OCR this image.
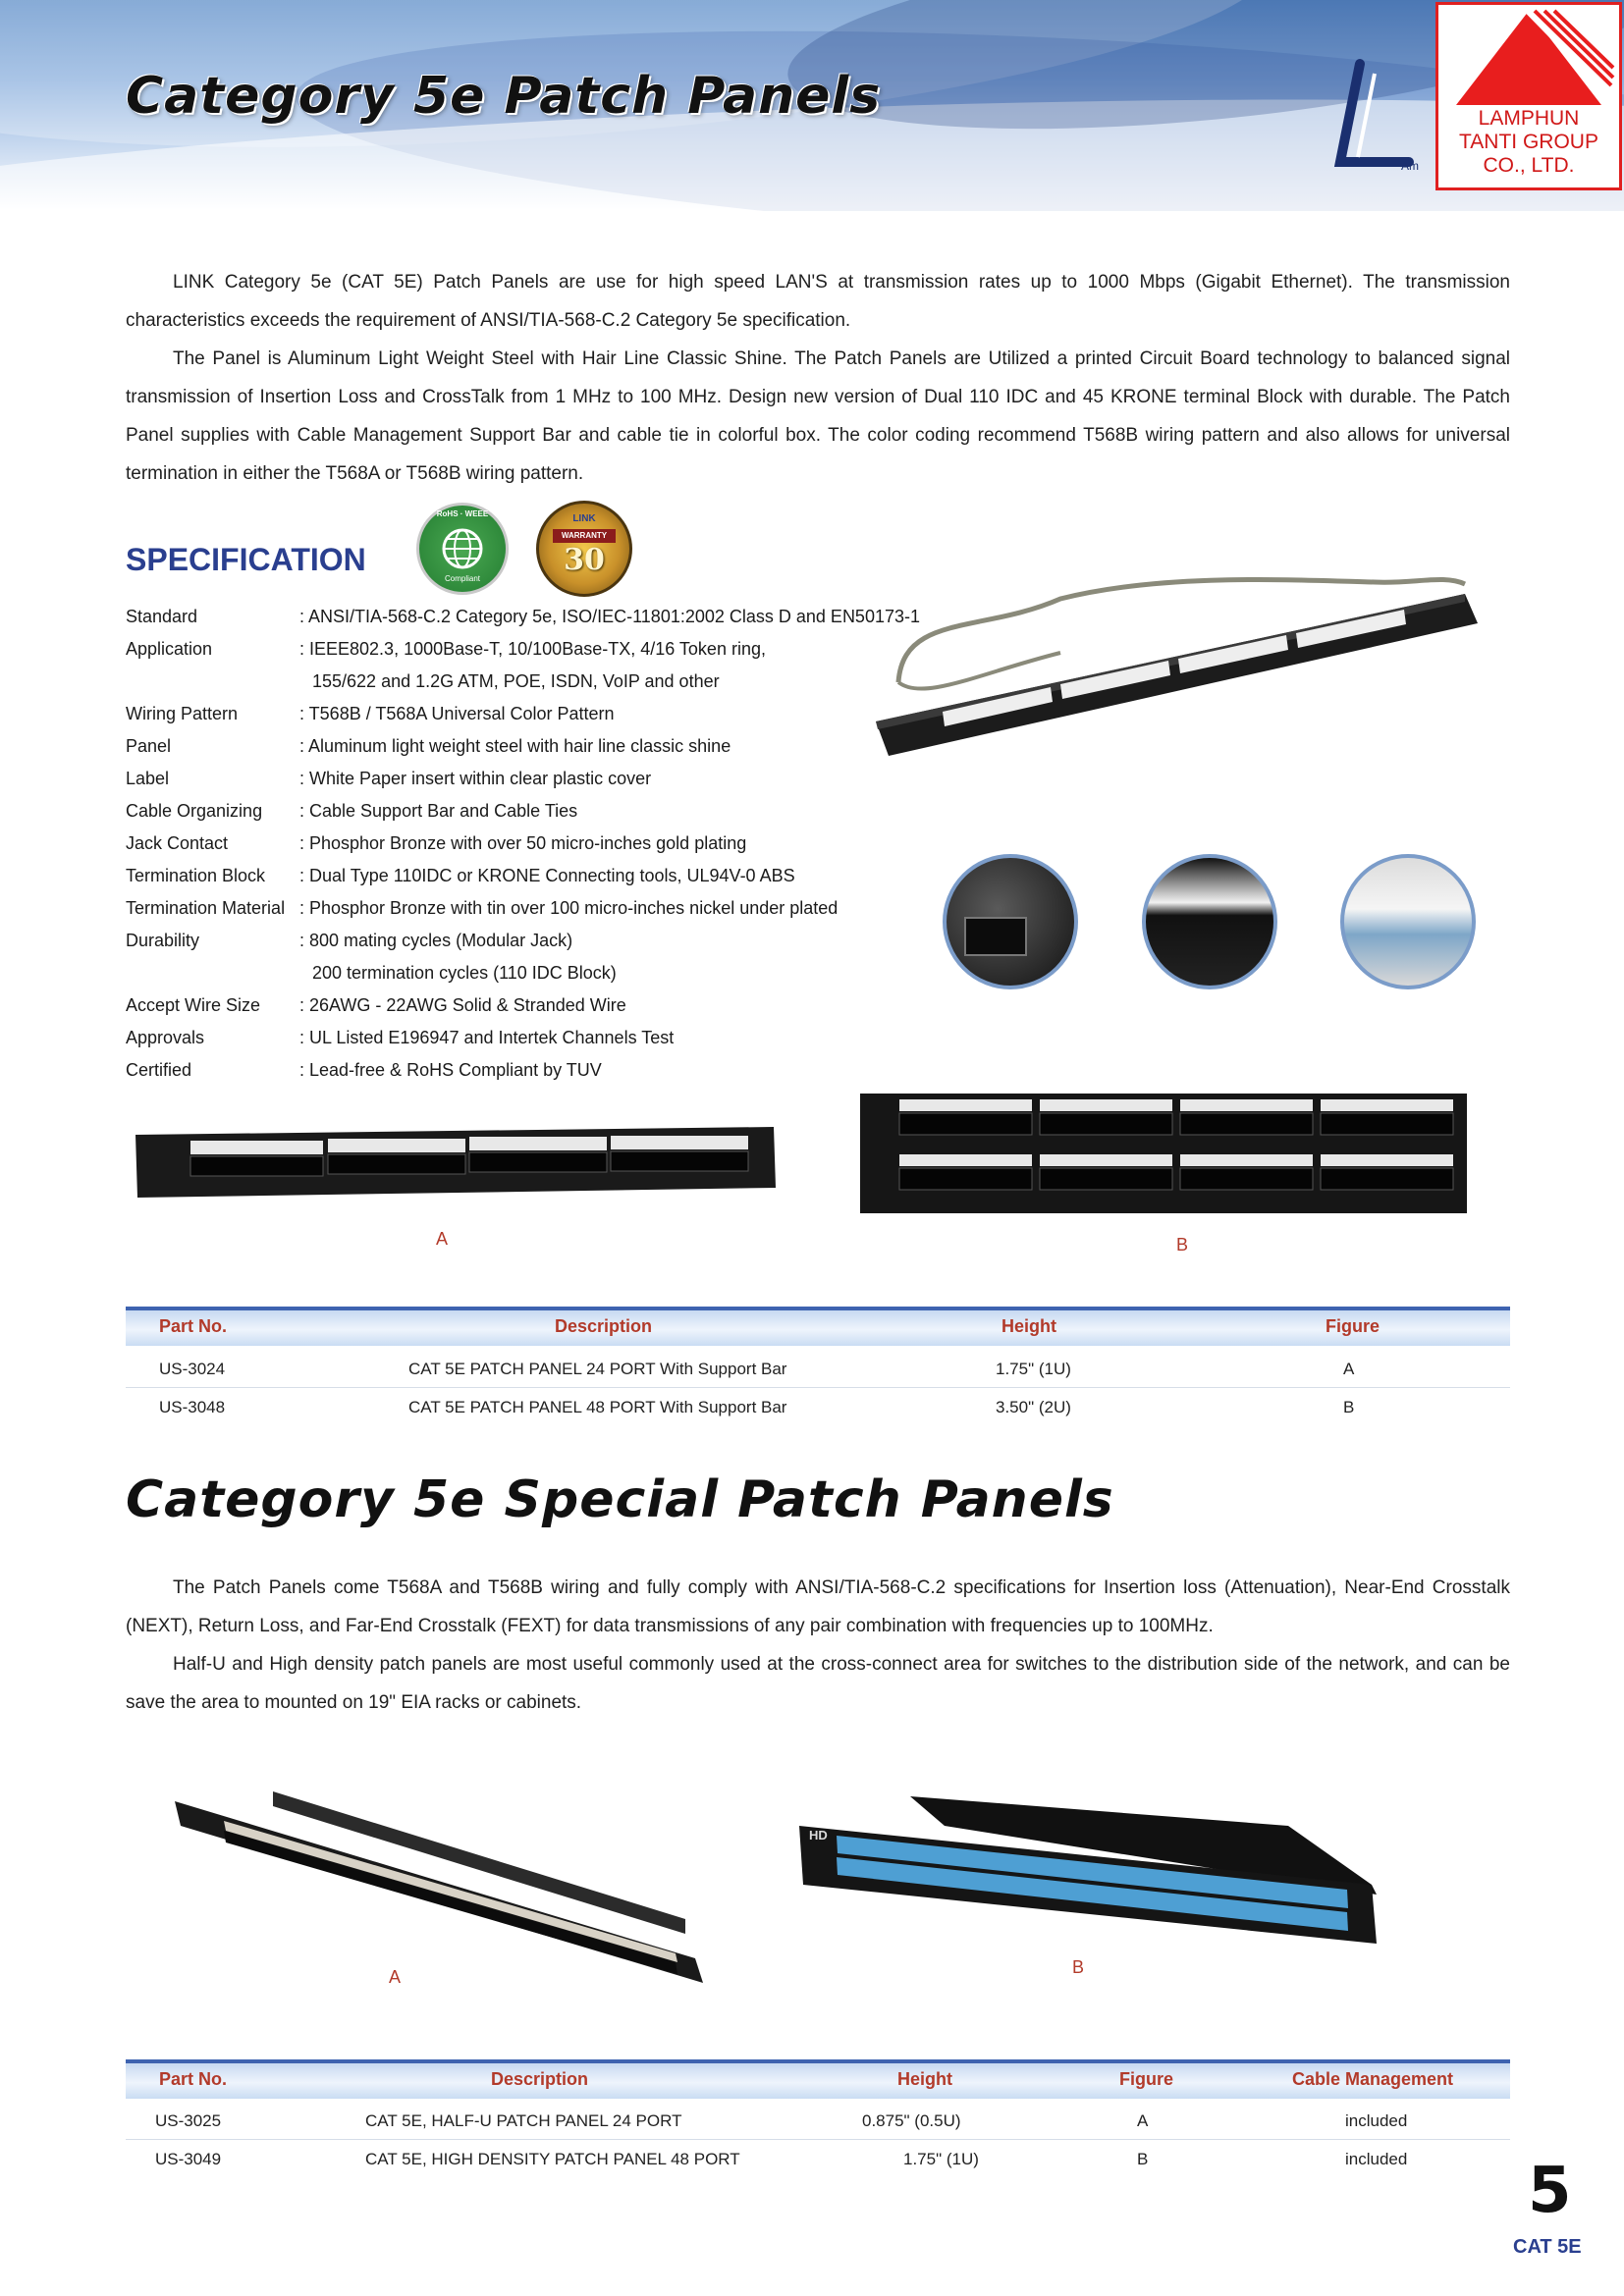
Am
Category 5e Patch Panels	LAMPHUN
TANTI GROUP
CO., LTD.

LINK Category 5e (CAT 5E) Patch Panels are use for high speed LAN'S at transmission rates up to 1000 Mbps (Gigabit Ethernet). The transmission characteristics exceeds the requirement of ANSI/TIA-568-C.2 Category 5e specification.

The Panel is Aluminum Light Weight Steel with Hair Line Classic Shine. The Patch Panels are Utilized a printed Circuit Board technology to balanced signal transmission of Insertion Loss and CrossTalk from 1 MHz to 100 MHz. Design new version of Dual 110 IDC and 45 KRONE terminal Block with durable. The Patch Panel supplies with Cable Management Support Bar and cable tie in colorful box. The color coding recommend T568B wiring pattern and also allows for universal termination in either the T568A or T568B wiring pattern.

SPECIFICATION
RoHS · WEEE
Compliant
LINK
WARRANTY
30
Standard	: ANSI/TIA-568-C.2 Category 5e, ISO/IEC-11801:2002 Class D and EN50173-1
Application	: IEEE802.3, 1000Base-T, 10/100Base-TX, 4/16 Token ring,
155/622 and 1.2G ATM, POE, ISDN, VoIP and other
Wiring Pattern	: T568B / T568A Universal Color Pattern
Panel	: Aluminum light weight steel with hair line classic shine
Label	: White Paper insert within clear plastic cover
Cable Organizing	: Cable Support Bar and Cable Ties
Jack Contact	: Phosphor Bronze with over 50 micro-inches gold plating
Termination Block	: Dual Type 110IDC or KRONE Connecting tools, UL94V-0 ABS
Termination Material : Phosphor Bronze with tin over 100 micro-inches nickel under plated
Durability	: 800 mating cycles (Modular Jack)
200 termination cycles (110 IDC Block)
Accept Wire Size	: 26AWG - 22AWG Solid & Stranded Wire
Approvals	: UL Listed E196947 and Intertek Channels Test
Certified	: Lead-free & RoHS Compliant by TUV
A	B
Part No.	Description	Height	Figure
US-3024	CAT 5E PATCH PANEL 24 PORT With Support Bar	1.75" (1U)	A
US-3048	CAT 5E PATCH PANEL 48 PORT With Support Bar	3.50" (2U)	B
Category 5e Special Patch Panels

The Patch Panels come T568A and T568B wiring and fully comply with ANSI/TIA-568-C.2 specifications for Insertion loss (Attenuation), Near-End Crosstalk (NEXT), Return Loss, and Far-End Crosstalk (FEXT) for data transmissions of any pair combination with frequencies up to 100MHz.

Half-U and High density patch panels are most useful commonly used at the cross-connect area for switches to the distribution side of the network, and can be save the area to mounted on 19" EIA racks or cabinets.

A
HD
B
Part No.	Description	Height	Figure	Cable Management
US-3025	CAT 5E, HALF-U PATCH PANEL 24 PORT	0.875" (0.5U)	A	included
US-3049	CAT 5E, HIGH DENSITY PATCH PANEL 48 PORT	1.75" (1U)	B	included 5
CAT 5E
